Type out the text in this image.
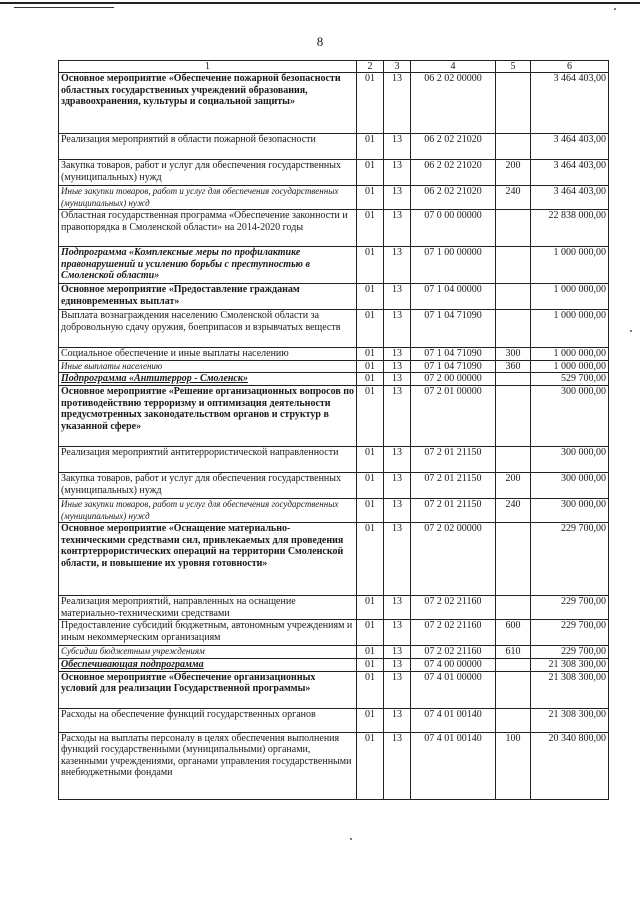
8
1	2	3	4	5	6
Основное мероприятие «Обеспечение пожарной безопасности областных государственных учреждений образования, здравоохранения, культуры и социальной защиты»	01	13	06 2 02 00000		3 464 403,00
Реализация мероприятий в области пожарной безопасности	01	13	06 2 02 21020		3 464 403,00
Закупка товаров, работ и услуг для обеспечения государственных (муниципальных) нужд	01	13	06 2 02 21020	200	3 464 403,00
Иные закупки товаров, работ и услуг для обеспечения государственных (муниципальных) нужд	01	13	06 2 02 21020	240	3 464 403,00
Областная государственная программа «Обеспечение законности и правопорядка в Смоленской области» на 2014-2020 годы	01	13	07 0 00 00000		22 838 000,00
Подпрограмма «Комплексные меры по профилактике правонарушений и усилению борьбы с преступностью в Смоленской области»	01	13	07 1 00 00000		1 000 000,00
Основное мероприятие «Предоставление гражданам единовременных выплат»	01	13	07 1 04 00000		1 000 000,00
Выплата вознаграждения населению Смоленской области за добровольную сдачу оружия, боеприпасов и взрывчатых веществ	01	13	07 1 04 71090		1 000 000,00
Социальное обеспечение и иные выплаты населению	01	13	07 1 04 71090	300	1 000 000,00
Иные выплаты населению	01	13	07 1 04 71090	360	1 000 000,00
Подпрограмма «Антитеррор - Смоленск»	01	13	07 2 00 00000		529 700,00
Основное мероприятие «Решение организационных вопросов по противодействию терроризму и оптимизация деятельности предусмотренных законодательством органов и структур в указанной сфере»	01	13	07 2 01 00000		300 000,00
Реализация мероприятий антитеррористической направленности	01	13	07 2 01 21150		300 000,00
Закупка товаров, работ и услуг для обеспечения государственных (муниципальных) нужд	01	13	07 2 01 21150	200	300 000,00
Иные закупки товаров, работ и услуг для обеспечения государственных (муниципальных) нужд	01	13	07 2 01 21150	240	300 000,00
Основное мероприятие «Оснащение материально-техническими средствами сил, привлекаемых для проведения контртеррористических операций на территории Смоленской области, и повышение их уровня готовности»	01	13	07 2 02 00000		229 700,00
Реализация мероприятий, направленных на оснащение материально-техническими средствами	01	13	07 2 02 21160		229 700,00
Предоставление субсидий бюджетным, автономным учреждениям и иным некоммерческим организациям	01	13	07 2 02 21160	600	229 700,00
Субсидии бюджетным учреждениям	01	13	07 2 02 21160	610	229 700,00
Обеспечивающая подпрограмма	01	13	07 4 00 00000		21 308 300,00
Основное мероприятие «Обеспечение организационных условий для реализации Государственной программы»	01	13	07 4 01 00000		21 308 300,00
Расходы на обеспечение функций государственных органов	01	13	07 4 01 00140		21 308 300,00
Расходы на выплаты персоналу в целях обеспечения выполнения функций государственными (муниципальными) органами, казенными учреждениями, органами управления государственными внебюджетными фондами	01	13	07 4 01 00140	100	20 340 800,00
